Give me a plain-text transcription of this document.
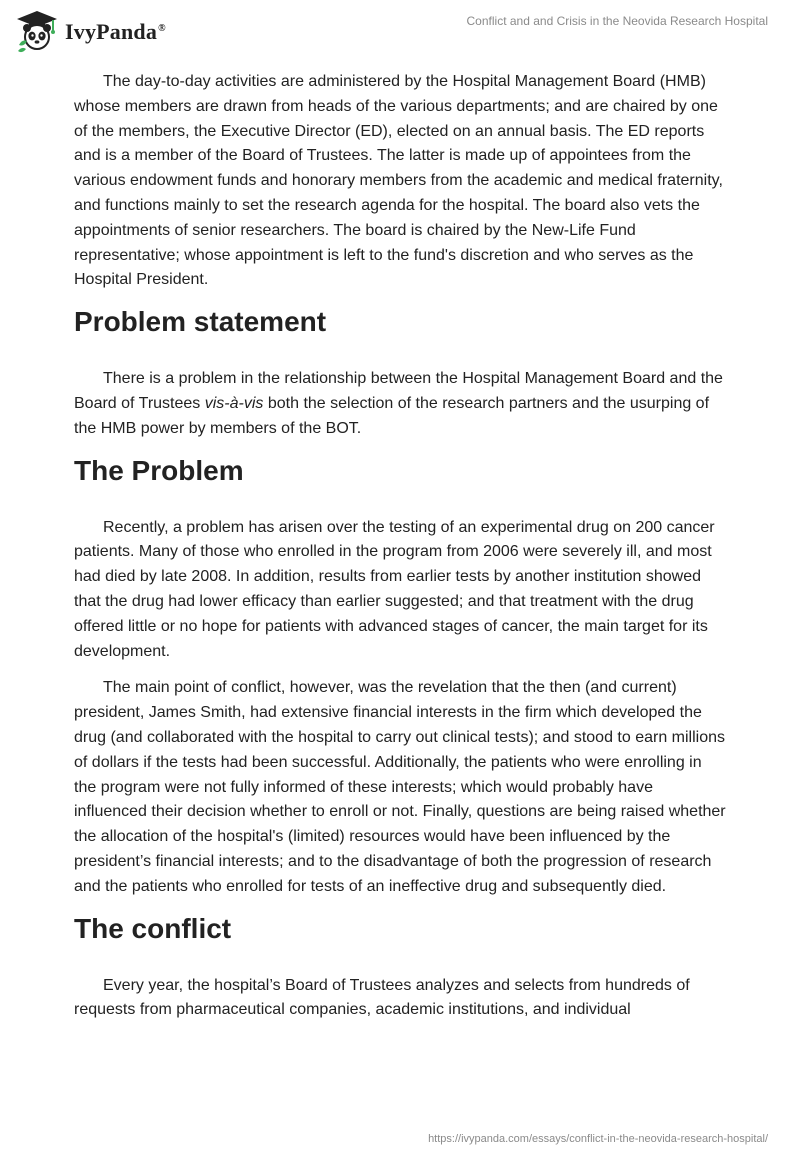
IvyPanda®
Conflict and and Crisis in the Neovida Research Hospital

The day-to-day activities are administered by the Hospital Management Board (HMB) whose members are drawn from heads of the various departments; and are chaired by one of the members, the Executive Director (ED), elected on an annual basis. The ED reports and is a member of the Board of Trustees. The latter is made up of appointees from the various endowment funds and honorary members from the academic and medical fraternity, and functions mainly to set the research agenda for the hospital. The board also vets the appointments of senior researchers. The board is chaired by the New-Life Fund representative; whose appointment is left to the fund's discretion and who serves as the Hospital President.

Problem statement

There is a problem in the relationship between the Hospital Management Board and the Board of Trustees vis-à-vis both the selection of the research partners and the usurping of the HMB power by members of the BOT.

The Problem

Recently, a problem has arisen over the testing of an experimental drug on 200 cancer patients. Many of those who enrolled in the program from 2006 were severely ill, and most had died by late 2008. In addition, results from earlier tests by another institution showed that the drug had lower efficacy than earlier suggested; and that treatment with the drug offered little or no hope for patients with advanced stages of cancer, the main target for its development.

The main point of conflict, however, was the revelation that the then (and current) president, James Smith, had extensive financial interests in the firm which developed the drug (and collaborated with the hospital to carry out clinical tests); and stood to earn millions of dollars if the tests had been successful. Additionally, the patients who were enrolling in the program were not fully informed of these interests; which would probably have influenced their decision whether to enroll or not. Finally, questions are being raised whether the allocation of the hospital's (limited) resources would have been influenced by the president’s financial interests; and to the disadvantage of both the progression of research and the patients who enrolled for tests of an ineffective drug and subsequently died.

The conflict

Every year, the hospital’s Board of Trustees analyzes and selects from hundreds of requests from pharmaceutical companies, academic institutions, and individual

https://ivypanda.com/essays/conflict-in-the-neovida-research-hospital/
